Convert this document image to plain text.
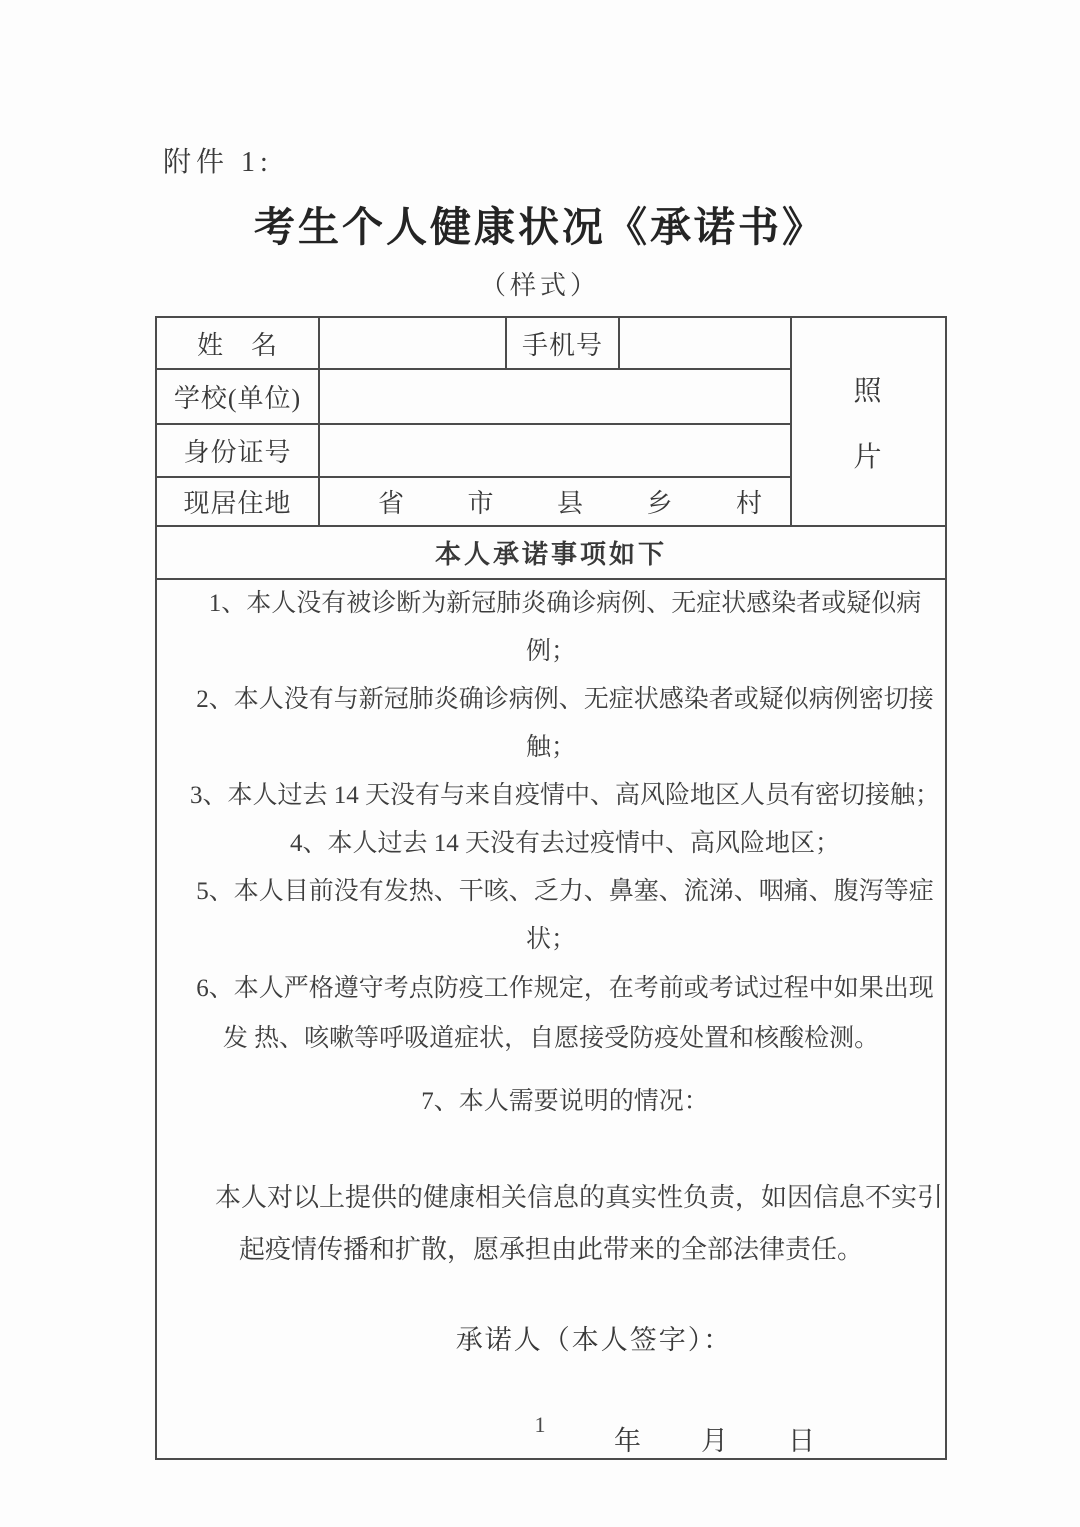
附件 1:

考生个人健康状况《承诺书》

（样式）

姓　名		手机号		照
片

学校(单位)				
身份证号				
现居住地	省 市 县 乡 村			

本人承诺事项如下				

1、本人没有被诊断为新冠肺炎确诊病例、无症状感染者或疑似病例；

2、本人没有与新冠肺炎确诊病例、无症状感染者或疑似病例密切接触；

3、本人过去 14 天没有与来自疫情中、高风险地区人员有密切接触；

4、本人过去 14 天没有去过疫情中、高风险地区；

5、本人目前没有发热、干咳、乏力、鼻塞、流涕、咽痛、腹泻等症状；

6、本人严格遵守考点防疫工作规定，在考前或考试过程中如果出现发 热、咳嗽等呼吸道症状，自愿接受防疫处置和核酸检测。

7、本人需要说明的情况：

本人对以上提供的健康相关信息的真实性负责，如因信息不实引起疫情传播和扩散，愿承担由此带来的全部法律责任。

承诺人（本人签字）：

年　　月　　日

1
